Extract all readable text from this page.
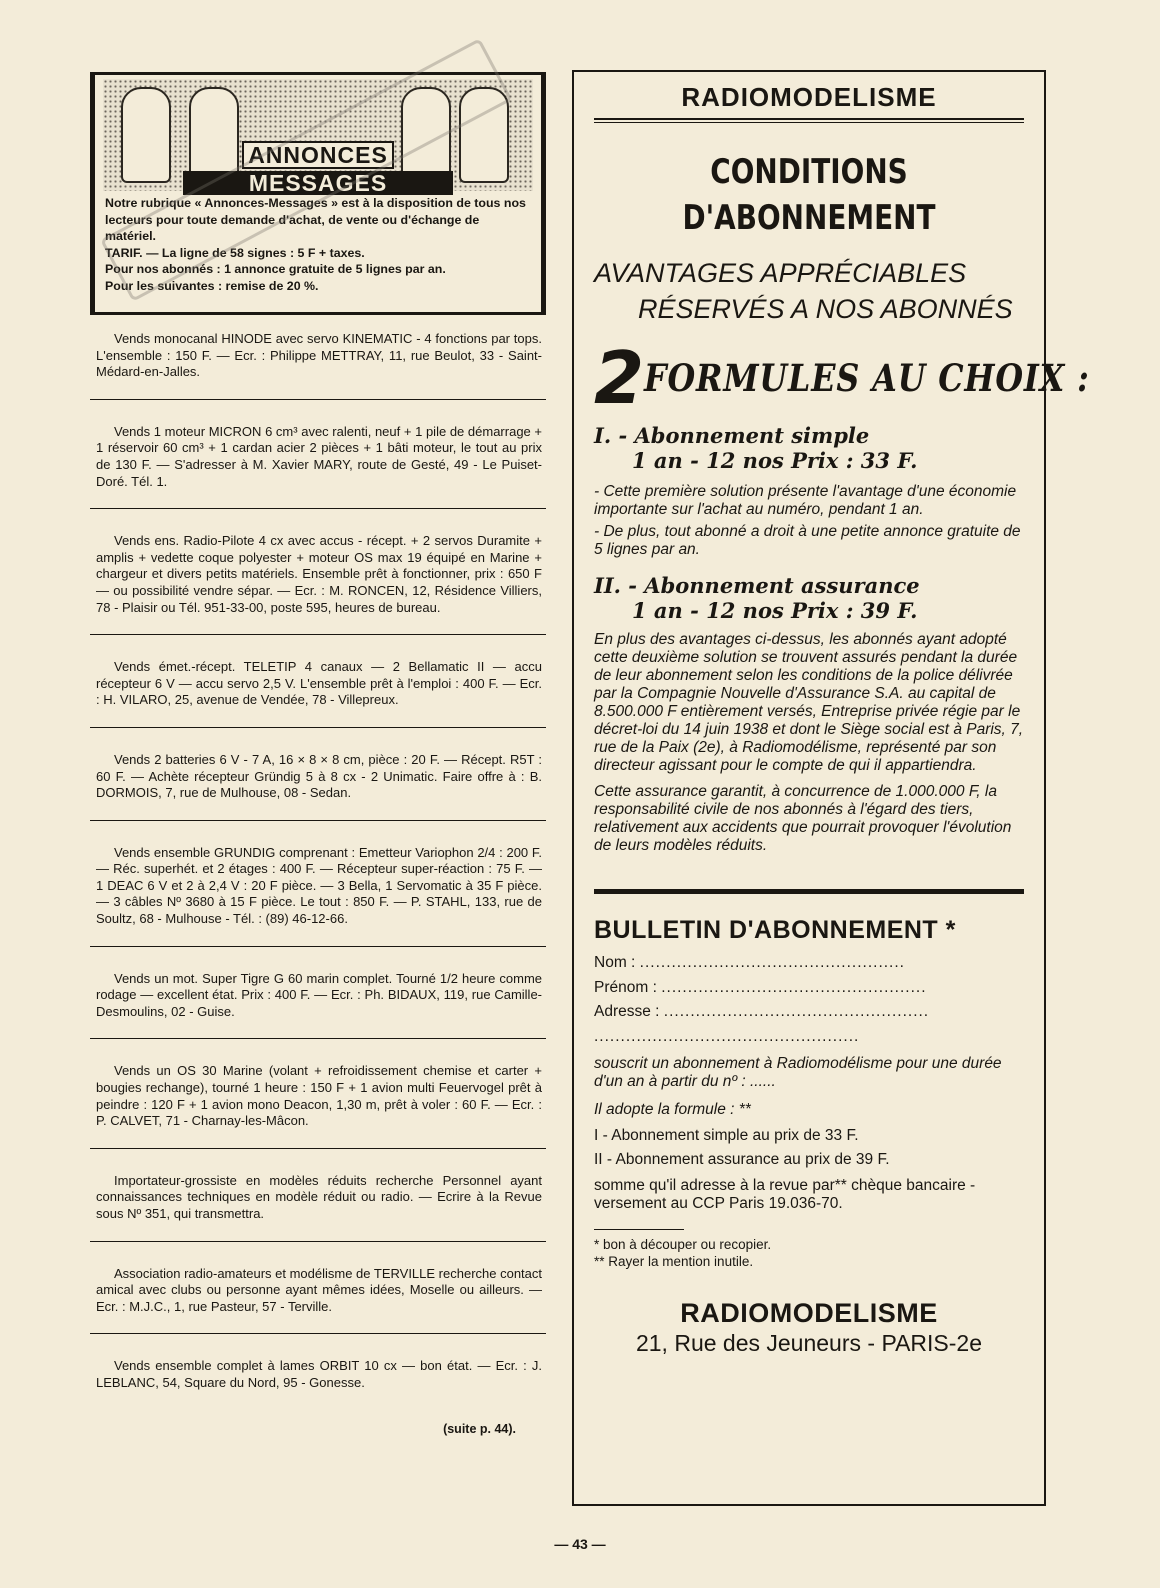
ANNONCES
MESSAGES

Notre rubrique « Annonces-Messages » est à la disposition de tous nos lecteurs pour toute demande d'achat, de vente ou d'échange de matériel.

TARIF. — La ligne de 58 signes : 5 F + taxes.

Pour nos abonnés : 1 annonce gratuite de 5 lignes par an.

Pour les suivantes : remise de 20 %.

Vends monocanal HINODE avec servo KINEMATIC - 4 fonctions par tops. L'ensemble : 150 F. — Ecr. : Philippe METTRAY, 11, rue Beulot, 33 - Saint-Médard-en-Jalles.

Vends 1 moteur MICRON 6 cm³ avec ralenti, neuf + 1 pile de démarrage + 1 réservoir 60 cm³ + 1 cardan acier 2 pièces + 1 bâti moteur, le tout au prix de 130 F. — S'adresser à M. Xavier MARY, route de Gesté, 49 - Le Puiset-Doré. Tél. 1.

Vends ens. Radio-Pilote 4 cx avec accus - récept. + 2 servos Duramite + amplis + vedette coque polyester + moteur OS max 19 équipé en Marine + chargeur et divers petits matériels. Ensemble prêt à fonctionner, prix : 650 F — ou possibilité vendre sépar. — Ecr. : M. RONCEN, 12, Résidence Villiers, 78 - Plaisir ou Tél. 951-33-00, poste 595, heures de bureau.

Vends émet.-récept. TELETIP 4 canaux — 2 Bellamatic II — accu récepteur 6 V — accu servo 2,5 V. L'ensemble prêt à l'emploi : 400 F. — Ecr. : H. VILARO, 25, avenue de Vendée, 78 - Villepreux.

Vends 2 batteries 6 V - 7 A, 16 × 8 × 8 cm, pièce : 20 F. — Récept. R5T : 60 F. — Achète récepteur Gründig 5 à 8 cx - 2 Unimatic. Faire offre à : B. DORMOIS, 7, rue de Mulhouse, 08 - Sedan.

Vends ensemble GRUNDIG comprenant : Emetteur Variophon 2/4 : 200 F. — Réc. superhét. et 2 étages : 400 F. — Récepteur super-réaction : 75 F. — 1 DEAC 6 V et 2 à 2,4 V : 20 F pièce. — 3 Bella, 1 Servomatic à 35 F pièce. — 3 câbles Nº 3680 à 15 F pièce. Le tout : 850 F. — P. STAHL, 133, rue de Soultz, 68 - Mulhouse - Tél. : (89) 46-12-66.

Vends un mot. Super Tigre G 60 marin complet. Tourné 1/2 heure comme rodage — excellent état. Prix : 400 F. — Ecr. : Ph. BIDAUX, 119, rue Camille-Desmoulins, 02 - Guise.

Vends un OS 30 Marine (volant + refroidissement chemise et carter + bougies rechange), tourné 1 heure : 150 F + 1 avion multi Feuervogel prêt à peindre : 120 F + 1 avion mono Deacon, 1,30 m, prêt à voler : 60 F. — Ecr. : P. CALVET, 71 - Charnay-les-Mâcon.

Importateur-grossiste en modèles réduits recherche Personnel ayant connaissances techniques en modèle réduit ou radio. — Ecrire à la Revue sous Nº 351, qui transmettra.

Association radio-amateurs et modélisme de TERVILLE recherche contact amical avec clubs ou personne ayant mêmes idées, Moselle ou ailleurs. — Ecr. : M.J.C., 1, rue Pasteur, 57 - Terville.

Vends ensemble complet à lames ORBIT 10 cx — bon état. — Ecr. : J. LEBLANC, 54, Square du Nord, 95 - Gonesse.

(suite p. 44).
RADIOMODELISME
CONDITIONS
D'ABONNEMENT
AVANTAGES APPRÉCIABLES
RÉSERVÉS A NOS ABONNÉS
2 FORMULES AU CHOIX :
I. - Abonnement simple
1 an - 12 nos Prix : 33 F.

- Cette première solution présente l'avantage d'une économie importante sur l'achat au numéro, pendant 1 an.

- De plus, tout abonné a droit à une petite annonce gratuite de 5 lignes par an.

II. - Abonnement assurance
1 an - 12 nos Prix : 39 F.

En plus des avantages ci-dessus, les abonnés ayant adopté cette deuxième solution se trouvent assurés pendant la durée de leur abonnement selon les conditions de la police délivrée par la Compagnie Nouvelle d'Assurance S.A. au capital de 8.500.000 F entièrement versés, Entreprise privée régie par le décret-loi du 14 juin 1938 et dont le Siège social est à Paris, 7, rue de la Paix (2e), à Radiomodélisme, représenté par son directeur agissant pour le compte de qui il appartiendra.

Cette assurance garantit, à concurrence de 1.000.000 F, la responsabilité civile de nos abonnés à l'égard des tiers, relativement aux accidents que pourrait provoquer l'évolution de leurs modèles réduits.

BULLETIN D'ABONNEMENT *
Nom : ..................................................
Prénom : ..................................................
Adresse : ..................................................
..................................................

souscrit un abonnement à Radiomodélisme pour une durée d'un an à partir du nº : ......

Il adopte la formule : **

I - Abonnement simple au prix de 33 F.

II - Abonnement assurance au prix de 39 F.

somme qu'il adresse à la revue par** chèque bancaire - versement au CCP Paris 19.036-70.

* bon à découper ou recopier.
** Rayer la mention inutile.
RADIOMODELISME
21, Rue des Jeuneurs - PARIS-2e
— 43 —
